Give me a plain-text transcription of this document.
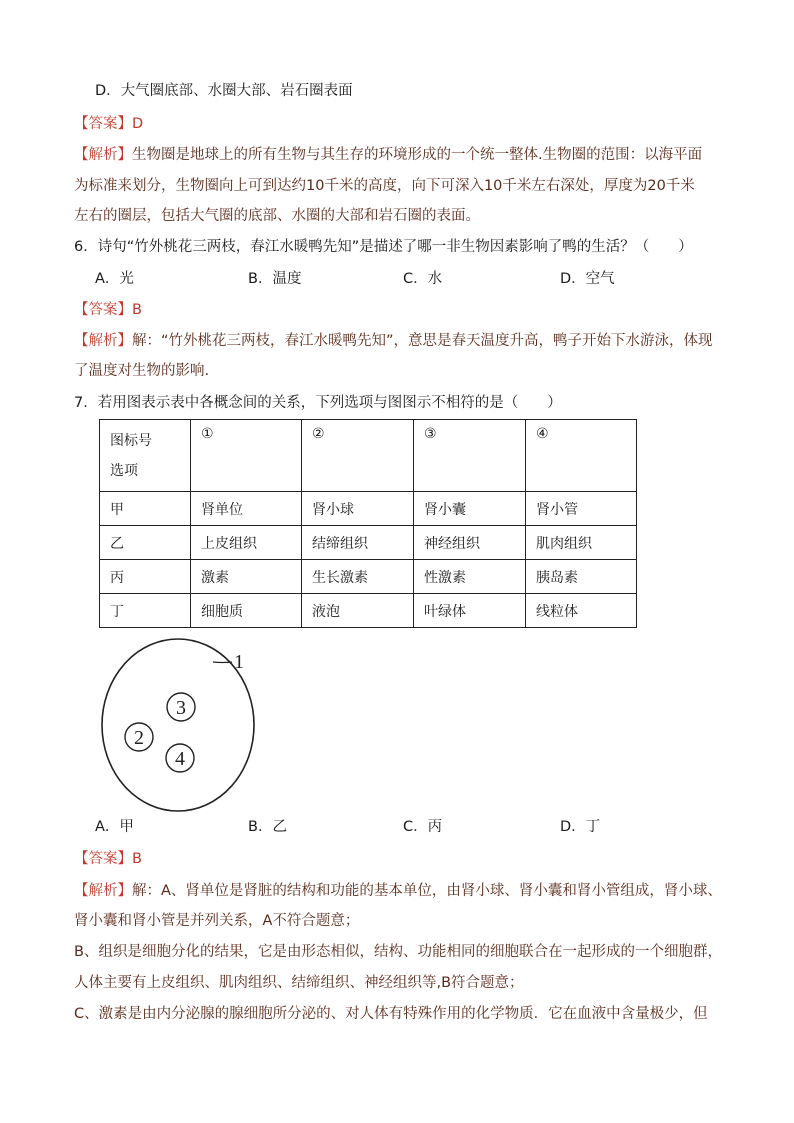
D．大气圈底部、水圈大部、岩石圈表面
【答案】D
【解析】生物圈是地球上的所有生物与其生存的环境形成的一个统一整体.生物圈的范围：以海平面
为标准来划分，生物圈向上可到达约10千米的高度，向下可深入10千米左右深处，厚度为20千米
左右的圈层，包括大气圈的底部、水圈的大部和岩石圈的表面。
6．诗句“竹外桃花三两枝，春江水暖鸭先知”是描述了哪一非生物因素影响了鸭的生活？（　　）
A．光	B．温度	C．水	D．空气
【答案】B
【解析】解：“竹外桃花三两枝，春江水暖鸭先知”，意思是春天温度升高，鸭子开始下水游泳，体现
了温度对生物的影响.
7．若用图表示表中各概念间的关系，下列选项与图图示不相符的是（　　）
图标号
选项	①	②	③	④
甲	肾单位	肾小球	肾小囊	肾小管
乙	上皮组织	结缔组织	神经组织	肌肉组织
丙	激素	生长激素	性激素	胰岛素
丁	细胞质	液泡	叶绿体	线粒体
1
2
3
4
A．甲	B．乙	C．丙	D．丁
【答案】B
【解析】解：A、肾单位是肾脏的结构和功能的基本单位，由肾小球、肾小囊和肾小管组成，肾小球、
肾小囊和肾小管是并列关系，A不符合题意；
B、组织是细胞分化的结果，它是由形态相似，结构、功能相同的细胞联合在一起形成的一个细胞群，
人体主要有上皮组织、肌肉组织、结缔组织、神经组织等,B符合题意；
C、激素是由内分泌腺的腺细胞所分泌的、对人体有特殊作用的化学物质．它在血液中含量极少，但
